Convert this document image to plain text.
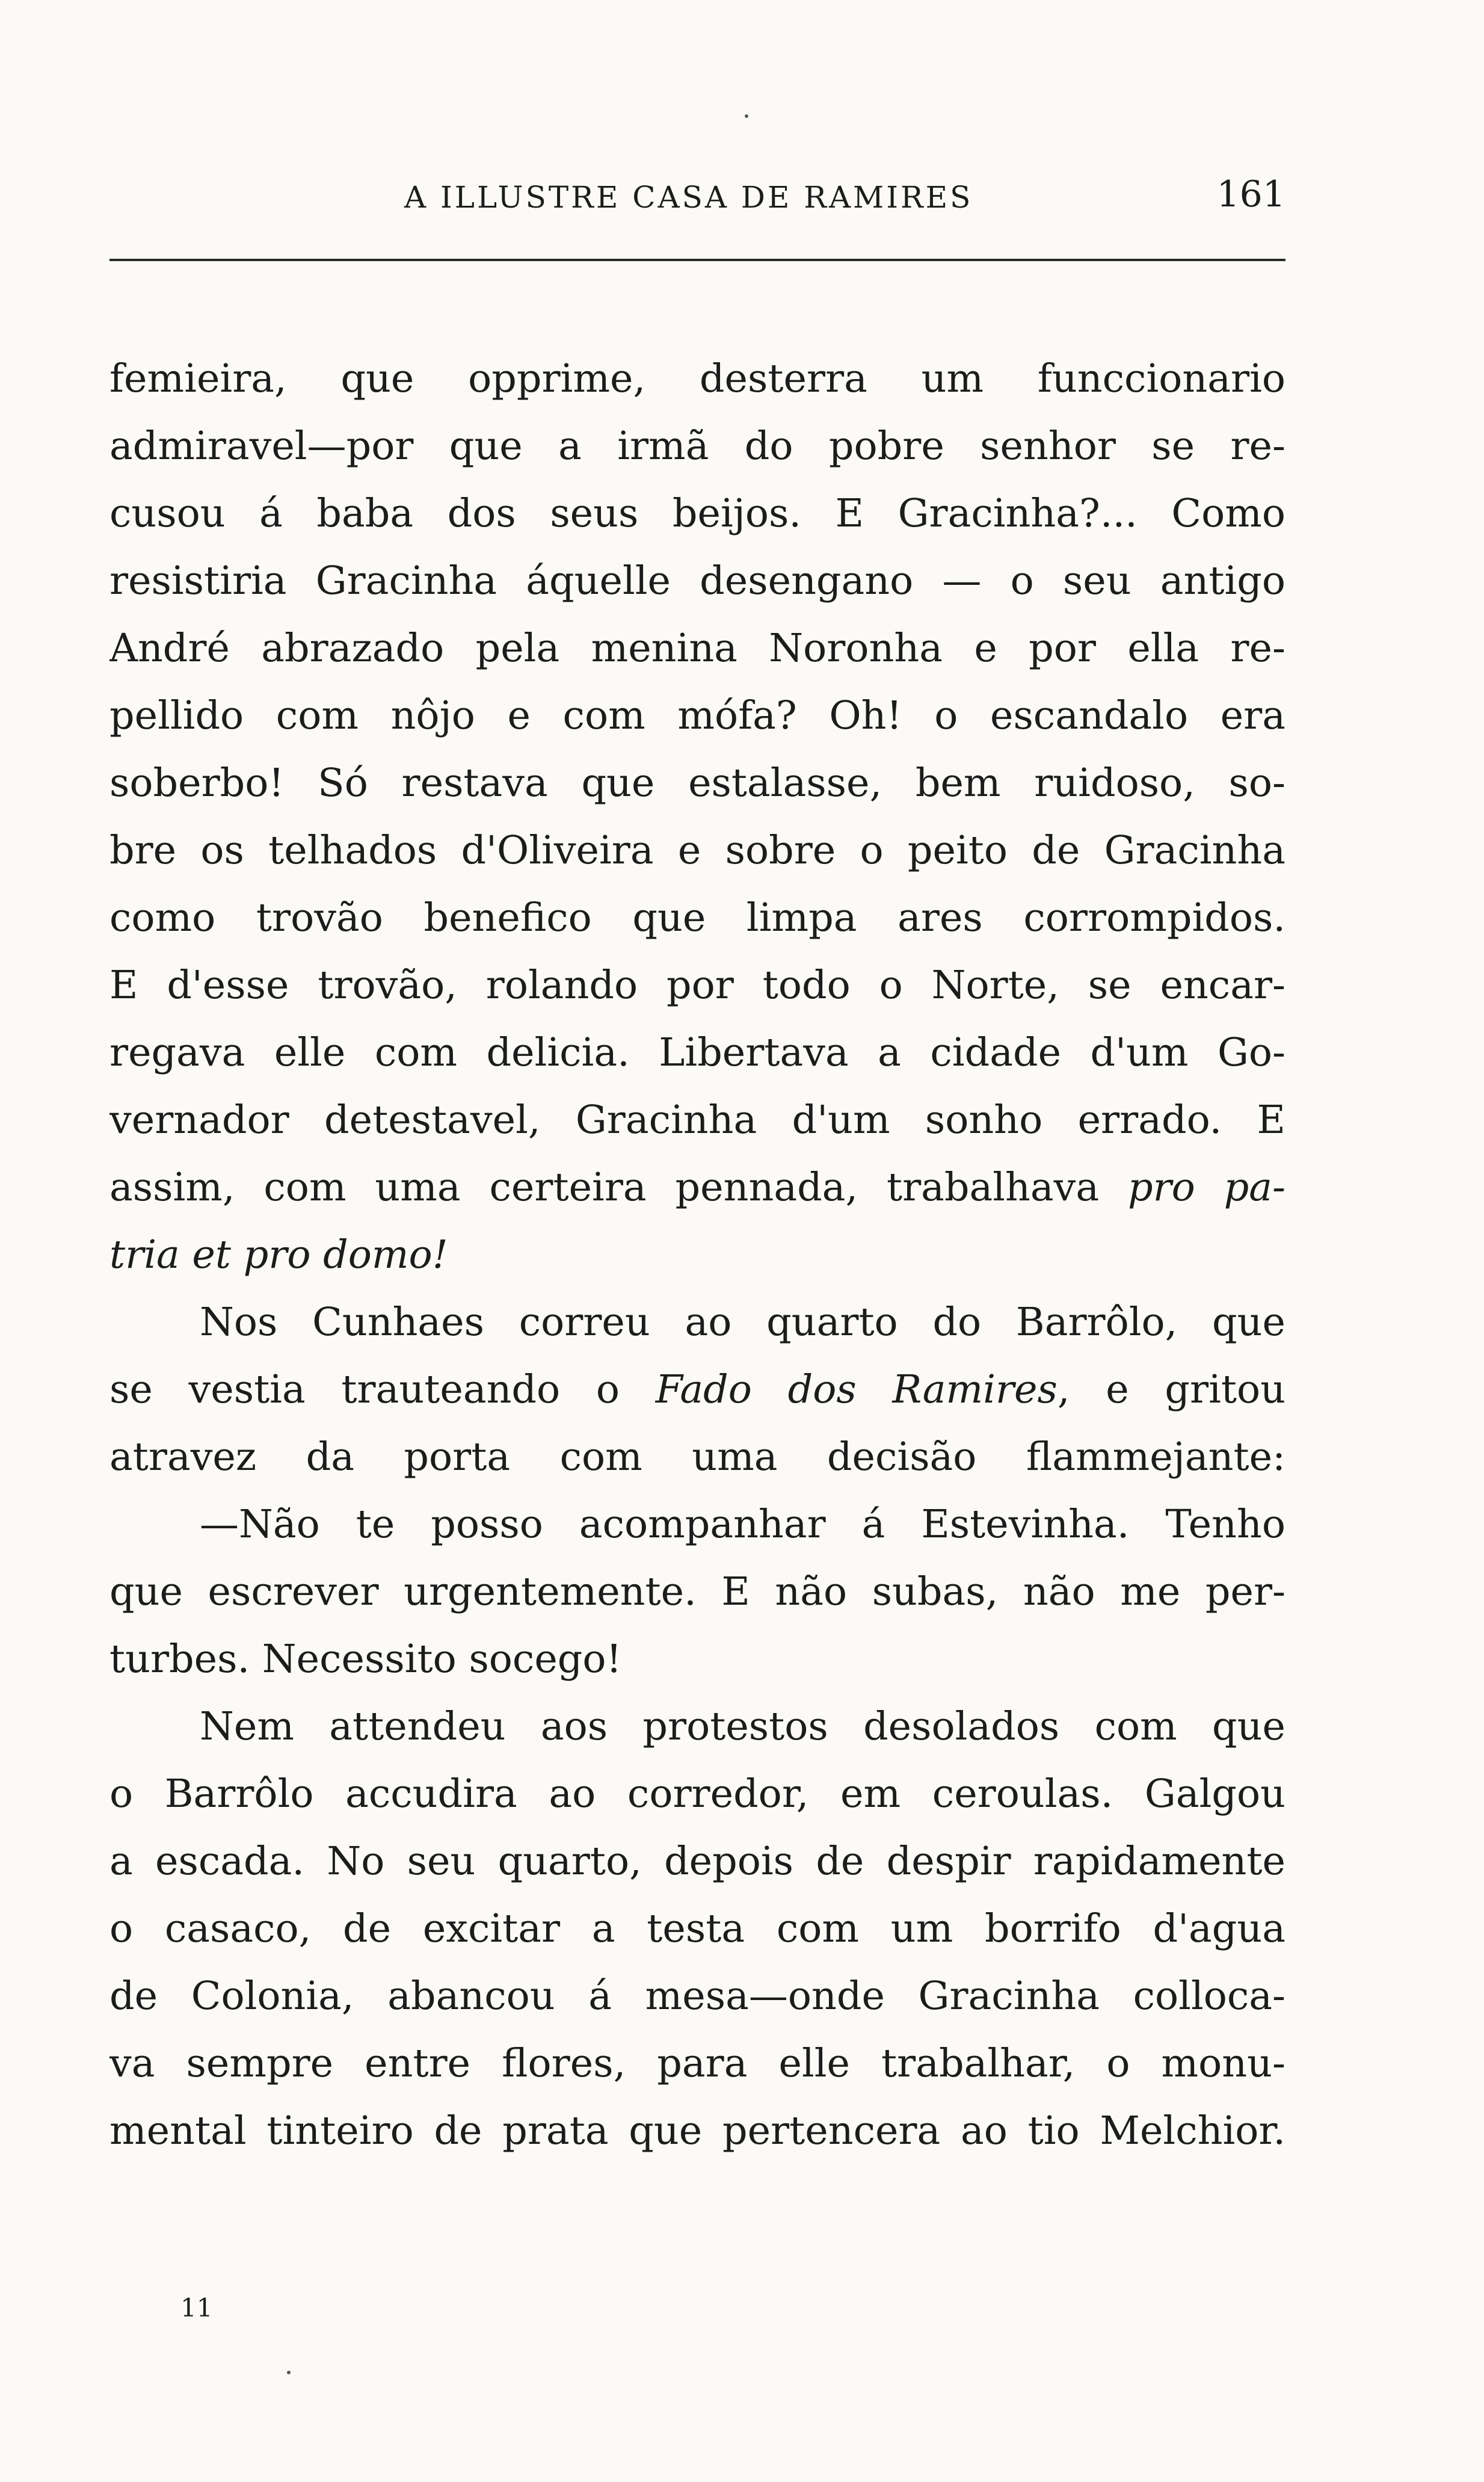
A ILLUSTRE CASA DE RAMIRES	161
femieira, que opprime, desterra um funccionario
admiravel—por que a irmã do pobre senhor se re-
cusou á baba dos seus beijos. E Gracinha?... Como
resistiria Gracinha áquelle desengano — o seu antigo
André abrazado pela menina Noronha e por ella re-
pellido com nôjo e com mófa? Oh! o escandalo era
soberbo! Só restava que estalasse, bem ruidoso, so-
bre os telhados d'Oliveira e sobre o peito de Gracinha
como trovão benefico que limpa ares corrompidos.
E d'esse trovão, rolando por todo o Norte, se encar-
regava elle com delicia. Libertava a cidade d'um Go-
vernador detestavel, Gracinha d'um sonho errado. E
assim, com uma certeira pennada, trabalhava pro pa-
tria et pro domo!
Nos Cunhaes correu ao quarto do Barrôlo, que
se vestia trauteando o Fado dos Ramires, e gritou
atravez da porta com uma decisão flammejante:
—Não te posso acompanhar á Estevinha. Tenho
que escrever urgentemente. E não subas, não me per-
turbes. Necessito socego!
Nem attendeu aos protestos desolados com que
o Barrôlo accudira ao corredor, em ceroulas. Galgou
a escada. No seu quarto, depois de despir rapidamente
o casaco, de excitar a testa com um borrifo d'agua
de Colonia, abancou á mesa—onde Gracinha colloca-
va sempre entre flores, para elle trabalhar, o monu-
mental tinteiro de prata que pertencera ao tio Melchior.
11
